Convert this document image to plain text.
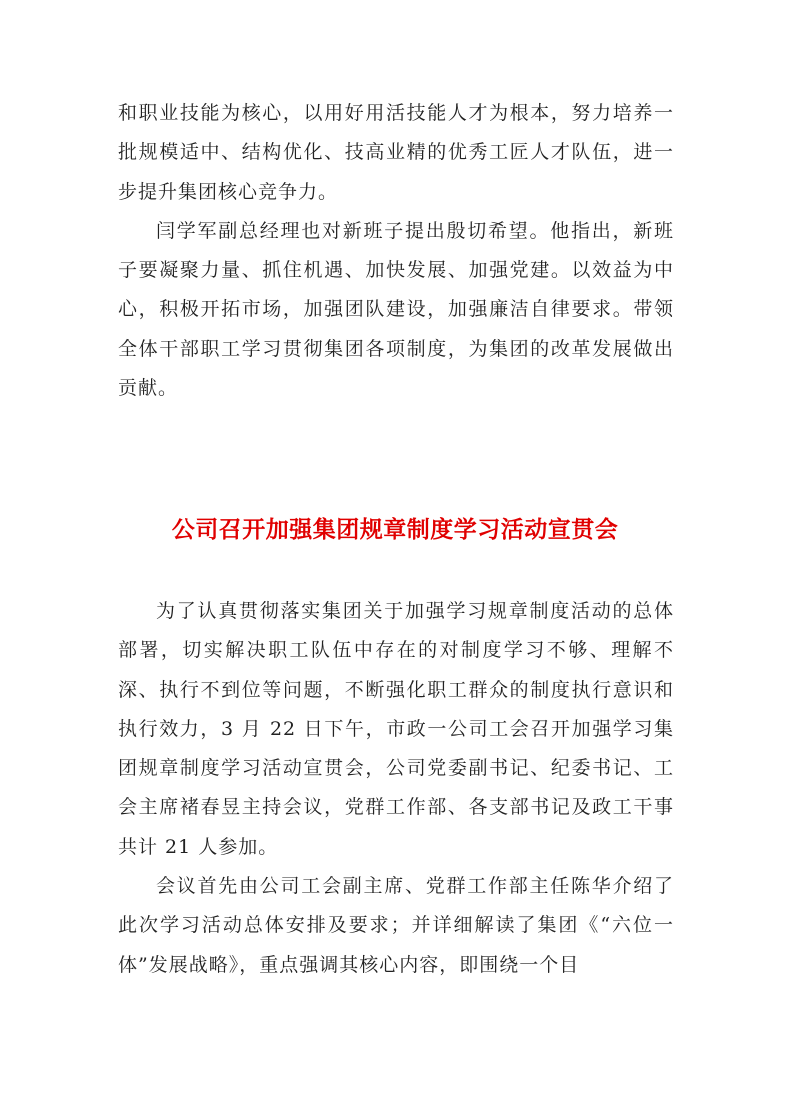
和职业技能为核心，以用好用活技能人才为根本，努力培养一批规模适中、结构优化、技高业精的优秀工匠人才队伍，进一步提升集团核心竞争力。

闫学军副总经理也对新班子提出殷切希望。他指出，新班子要凝聚力量、抓住机遇、加快发展、加强党建。以效益为中心，积极开拓市场，加强团队建设，加强廉洁自律要求。带领全体干部职工学习贯彻集团各项制度，为集团的改革发展做出贡献。

公司召开加强集团规章制度学习活动宣贯会

为了认真贯彻落实集团关于加强学习规章制度活动的总体部署，切实解决职工队伍中存在的对制度学习不够、理解不深、执行不到位等问题，不断强化职工群众的制度执行意识和执行效力，3 月 22 日下午，市政一公司工会召开加强学习集团规章制度学习活动宣贯会，公司党委副书记、纪委书记、工会主席褚春昱主持会议，党群工作部、各支部书记及政工干事共计 21 人参加。

会议首先由公司工会副主席、党群工作部主任陈华介绍了此次学习活动总体安排及要求；并详细解读了集团《“六位一体”发展战略》，重点强调其核心内容，即围绕一个目
